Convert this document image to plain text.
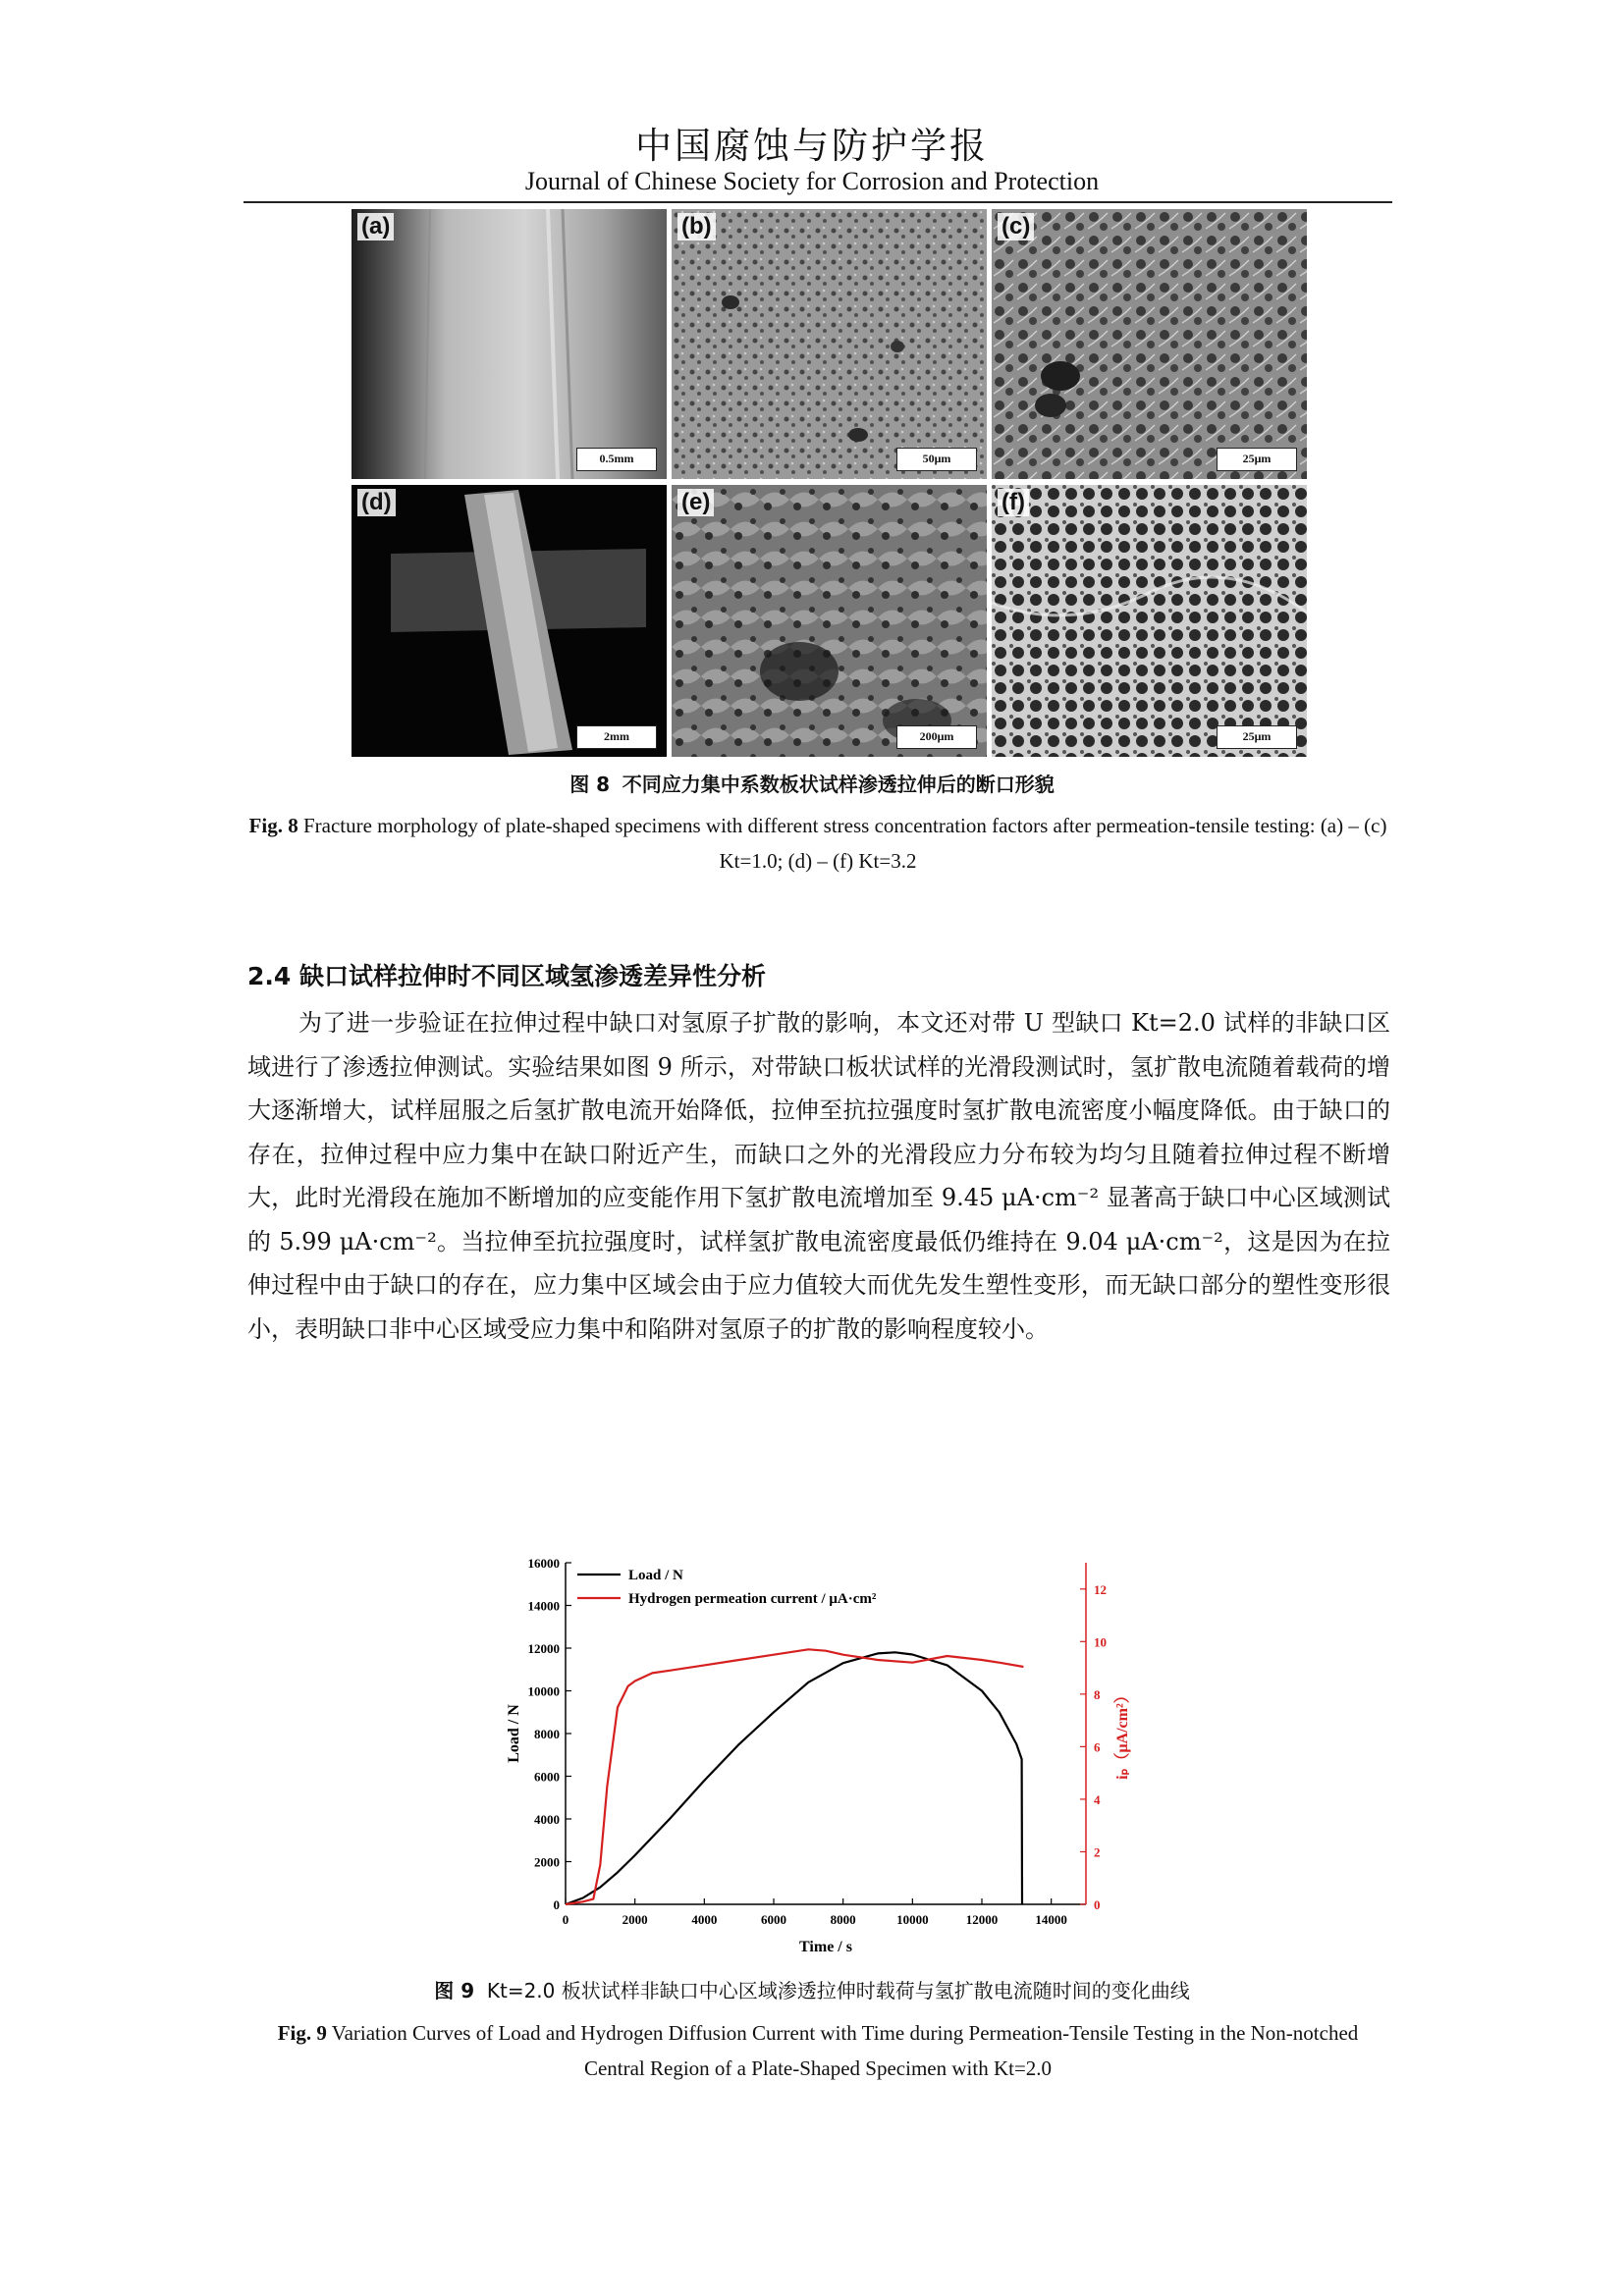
中国腐蚀与防护学报
Journal of Chinese Society for Corrosion and Protection
(a)
0.5mm
(b)
50μm
(c)
25μm
(d)
2mm
(e)
200μm
(f)
25μm
图 8 不同应力集中系数板状试样渗透拉伸后的断口形貌
Fig. 8 Fracture morphology of plate-shaped specimens with different stress concentration factors after permeation-tensile testing: (a) – (c) Kt=1.0; (d) – (f) Kt=3.2
2.4 缺口试样拉伸时不同区域氢渗透差异性分析

为了进一步验证在拉伸过程中缺口对氢原子扩散的影响，本文还对带 U 型缺口 Kt=2.0 试样的非缺口区域进行了渗透拉伸测试。实验结果如图 9 所示，对带缺口板状试样的光滑段测试时，氢扩散电流随着载荷的增大逐渐增大，试样屈服之后氢扩散电流开始降低，拉伸至抗拉强度时氢扩散电流密度小幅度降低。由于缺口的存在，拉伸过程中应力集中在缺口附近产生，而缺口之外的光滑段应力分布较为均匀且随着拉伸过程不断增大，此时光滑段在施加不断增加的应变能作用下氢扩散电流增加至 9.45 μA·cm⁻² 显著高于缺口中心区域测试的 5.99 μA·cm⁻²。当拉伸至抗拉强度时，试样氢扩散电流密度最低仍维持在 9.04 μA·cm⁻²，这是因为在拉伸过程中由于缺口的存在，应力集中区域会由于应力值较大而优先发生塑性变形，而无缺口部分的塑性变形很小，表明缺口非中心区域受应力集中和陷阱对氢原子的扩散的影响程度较小。

0	2000	4000	6000	8000	10000	12000	14000
0
2000
4000
6000
8000
10000
12000
14000
16000
0
2
4
6
8
10
12
Time / s
Load / N	iₚ（μA/cm²）
Load / N
Hydrogen permeation current / μA·cm²
图 9 Kt=2.0 板状试样非缺口中心区域渗透拉伸时载荷与氢扩散电流随时间的变化曲线
Fig. 9 Variation Curves of Load and Hydrogen Diffusion Current with Time during Permeation-Tensile Testing in the Non-notched Central Region of a Plate-Shaped Specimen with Kt=2.0
